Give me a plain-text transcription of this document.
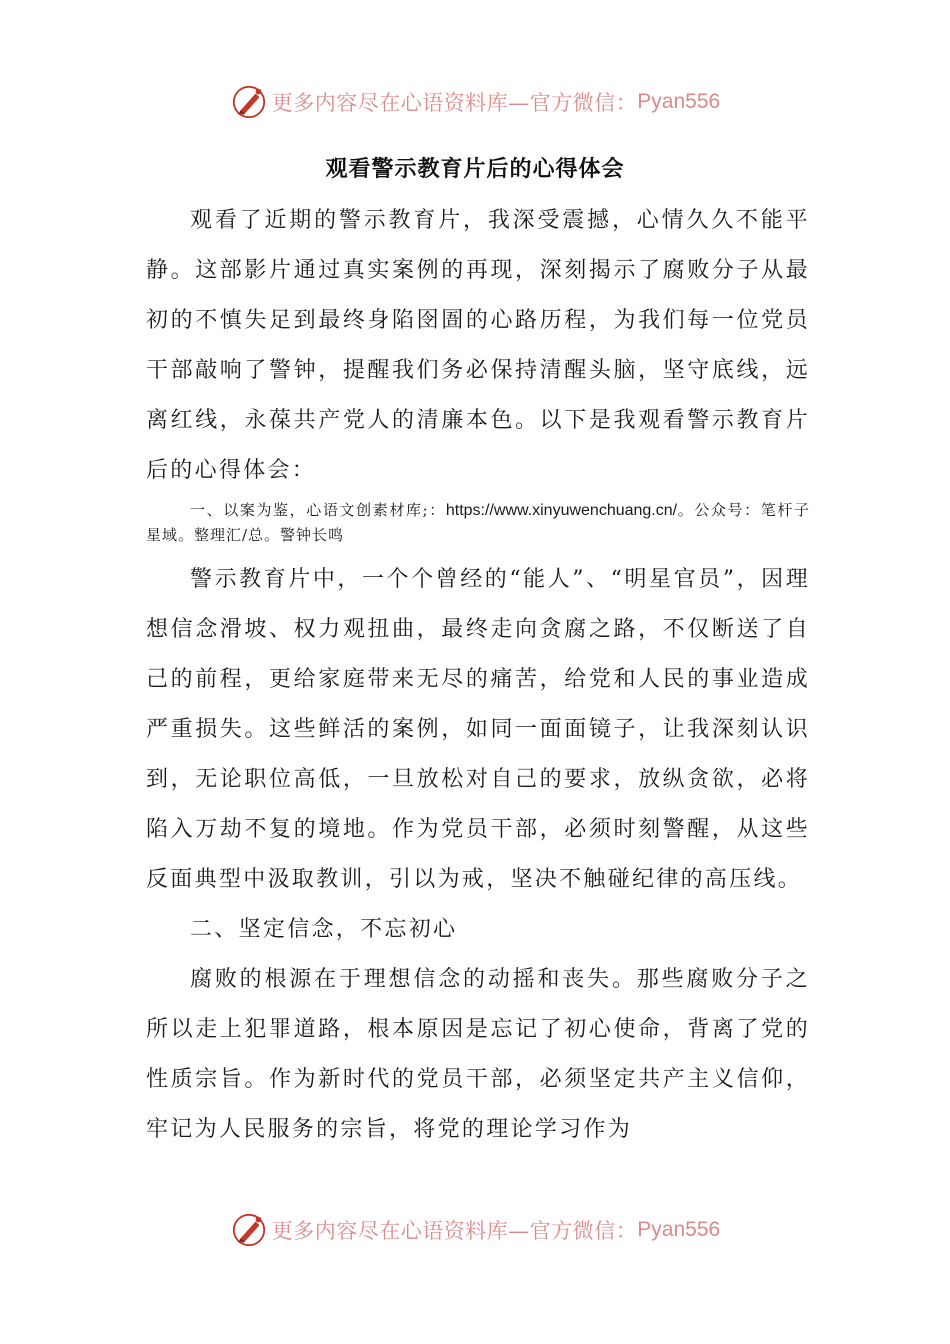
更多内容尽在心语资料库—官方微信： Pyan556
观看警示教育片后的心得体会

观看了近期的警示教育片，我深受震撼，心情久久不能平静。这部影片通过真实案例的再现，深刻揭示了腐败分子从最初的不慎失足到最终身陷囹圄的心路历程，为我们每一位党员干部敲响了警钟，提醒我们务必保持清醒头脑，坚守底线，远离红线，永葆共产党人的清廉本色。以下是我观看警示教育片后的心得体会：

一、以案为鉴，心语文创素材库;：https://www.xinyuwenchuang.cn/。公众号：笔杆子星域。整理汇/总。警钟长鸣

警示教育片中，一个个曾经的“能人”、“明星官员”，因理想信念滑坡、权力观扭曲，最终走向贪腐之路，不仅断送了自己的前程，更给家庭带来无尽的痛苦，给党和人民的事业造成严重损失。这些鲜活的案例，如同一面面镜子，让我深刻认识到，无论职位高低，一旦放松对自己的要求，放纵贪欲，必将陷入万劫不复的境地。作为党员干部，必须时刻警醒，从这些反面典型中汲取教训，引以为戒，坚决不触碰纪律的高压线。

二、坚定信念，不忘初心

腐败的根源在于理想信念的动摇和丧失。那些腐败分子之所以走上犯罪道路，根本原因是忘记了初心使命，背离了党的性质宗旨。作为新时代的党员干部，必须坚定共产主义信仰，牢记为人民服务的宗旨，将党的理论学习作为

更多内容尽在心语资料库—官方微信： Pyan556
